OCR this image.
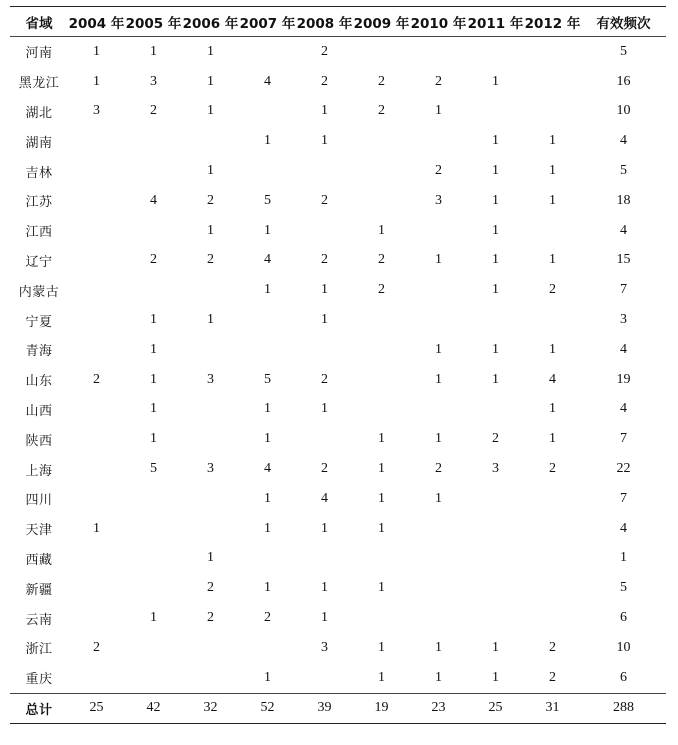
省域	2004 年	2005 年	2006 年	2007 年	2008 年	2009 年	2010 年	2011 年	2012 年	有效频次
河南	1	1	1		2					5
黑龙江	1	3	1	4	2	2	2	1		16
湖北	3	2	1		1	2	1			10
湖南				1	1			1	1	4
吉林			1				2	1	1	5
江苏		4	2	5	2		3	1	1	18
江西			1	1		1		1		4
辽宁		2	2	4	2	2	1	1	1	15
内蒙古				1	1	2		1	2	7
宁夏		1	1		1					3
青海		1					1	1	1	4
山东	2	1	3	5	2		1	1	4	19
山西		1		1	1				1	4
陕西		1		1		1	1	2	1	7
上海		5	3	4	2	1	2	3	2	22
四川				1	4	1	1			7
天津	1			1	1	1				4
西藏			1							1
新疆			2	1	1	1				5
云南		1	2	2	1					6
浙江	2				3	1	1	1	2	10
重庆				1		1	1	1	2	6
总计	25	42	32	52	39	19	23	25	31	288
